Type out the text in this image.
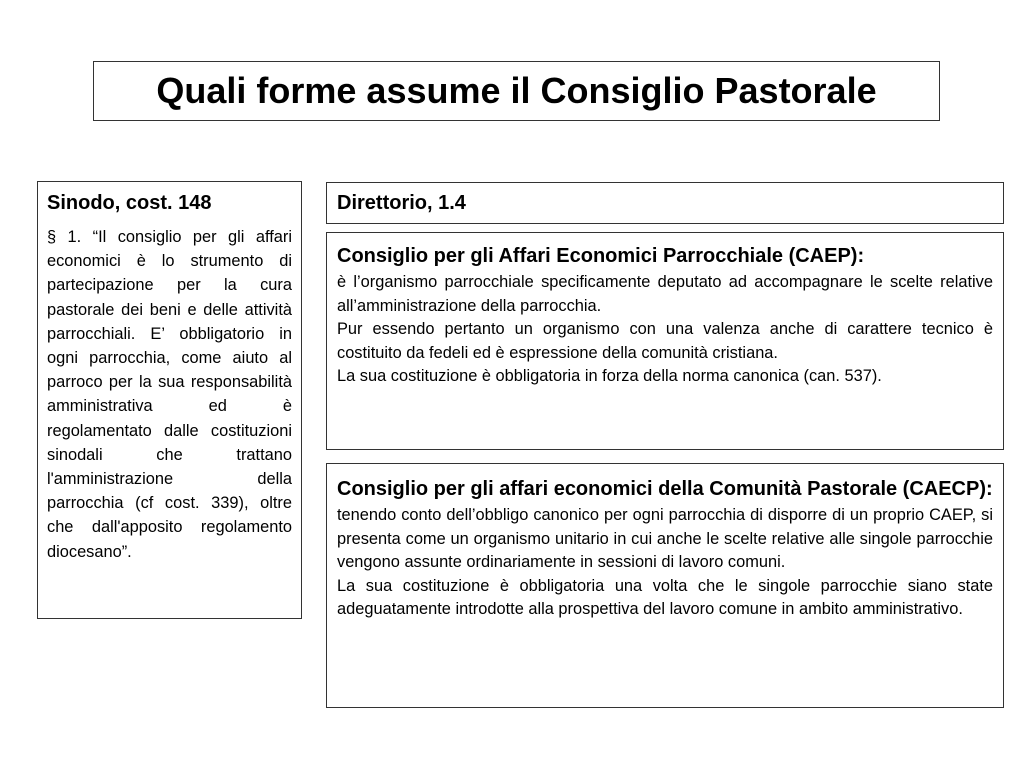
Quali forme assume il Consiglio Pastorale
Sinodo, cost. 148
§ 1. “Il consiglio per gli affari economici è lo strumento di partecipazione per la cura pastorale dei beni e delle attività parrocchiali. E’ obbligatorio in ogni parrocchia, come aiuto al parroco per la sua responsabilità amministrativa ed è regolamentato dalle costituzioni sinodali che trattano l'amministrazione della parrocchia (cf cost. 339), oltre che dall'apposito regolamento diocesano”.
Direttorio, 1.4
Consiglio per gli Affari Economici Parrocchiale (CAEP):

è l’organismo parrocchiale specificamente deputato ad accompagnare le scelte relative all’amministrazione della parrocchia.

Pur essendo pertanto un organismo con una valenza anche di carattere tecnico è costituito da fedeli ed è espressione della comunità cristiana.

La sua costituzione è obbligatoria in forza della norma canonica (can. 537).

Consiglio per gli affari economici della Comunità Pastorale (CAECP):

tenendo conto dell’obbligo canonico per ogni parrocchia di disporre di un proprio CAEP, si presenta come un organismo unitario in cui anche le scelte relative alle singole parrocchie vengono assunte ordinariamente in sessioni di lavoro comuni.

La sua costituzione è obbligatoria una volta che le singole parrocchie siano state adeguatamente introdotte alla prospettiva del lavoro comune in ambito amministrativo.
